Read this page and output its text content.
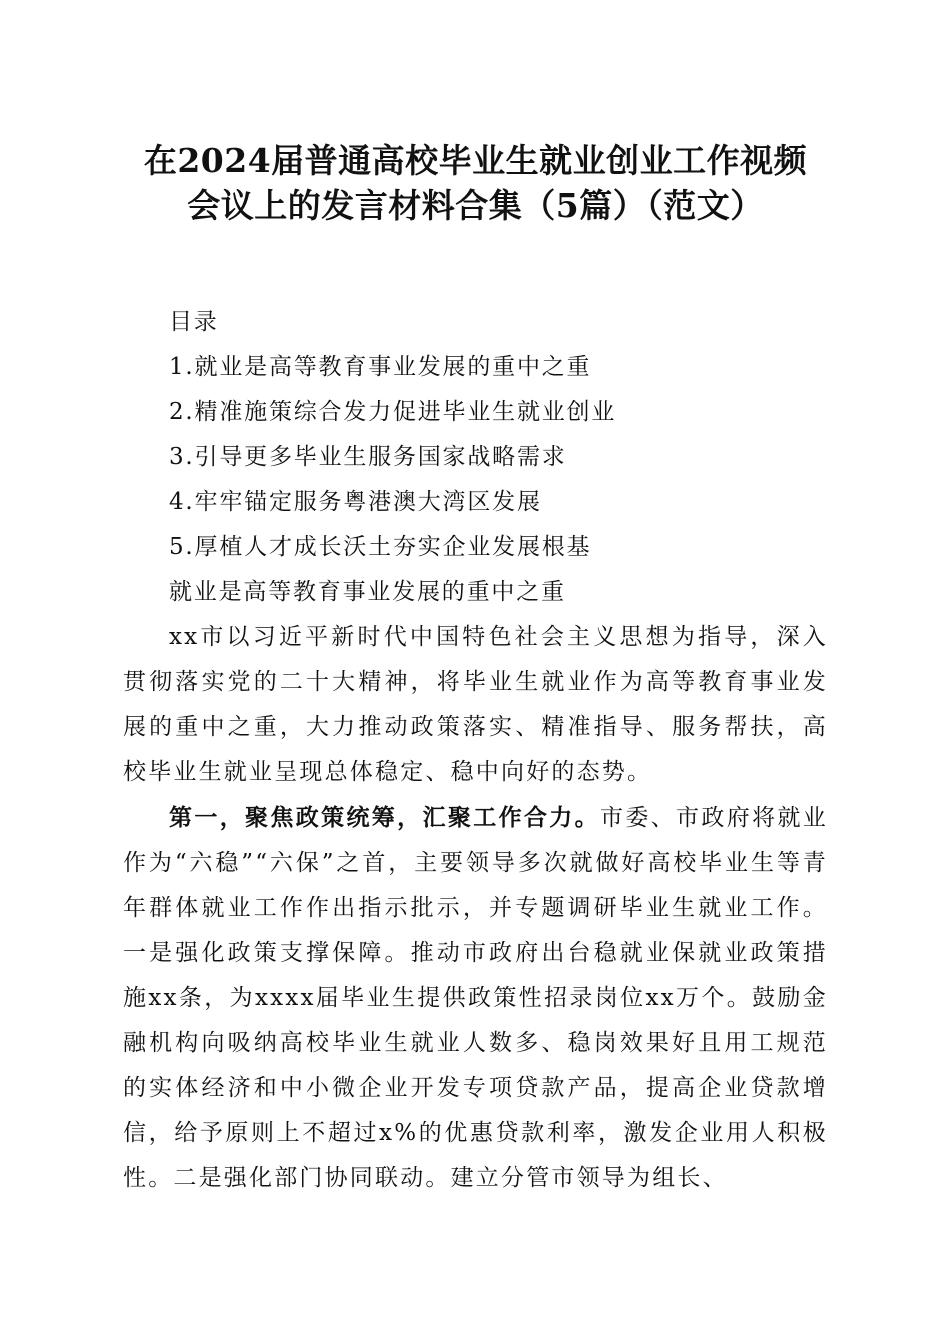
在2024届普通高校毕业生就业创业工作视频
会议上的发言材料合集（5篇）（范文）

目录

1.就业是高等教育事业发展的重中之重
2.精准施策综合发力促进毕业生就业创业
3.引导更多毕业生服务国家战略需求
4.牢牢锚定服务粤港澳大湾区发展
5.厚植人才成长沃土夯实企业发展根基

就业是高等教育事业发展的重中之重

xx市以习近平新时代中国特色社会主义思想为指导，深入贯彻落实党的二十大精神，将毕业生就业作为高等教育事业发展的重中之重，大力推动政策落实、精准指导、服务帮扶，高校毕业生就业呈现总体稳定、稳中向好的态势。

第一，聚焦政策统筹，汇聚工作合力。市委、市政府将就业作为“六稳”“六保”之首，主要领导多次就做好高校毕业生等青年群体就业工作作出指示批示，并专题调研毕业生就业工作。一是强化政策支撑保障。推动市政府出台稳就业保就业政策措施xx条，为xxxx届毕业生提供政策性招录岗位xx万个。鼓励金融机构向吸纳高校毕业生就业人数多、稳岗效果好且用工规范的实体经济和中小微企业开发专项贷款产品，提高企业贷款增信，给予原则上不超过x%的优惠贷款利率，激发企业用人积极性。二是强化部门协同联动。建立分管市领导为组长、
